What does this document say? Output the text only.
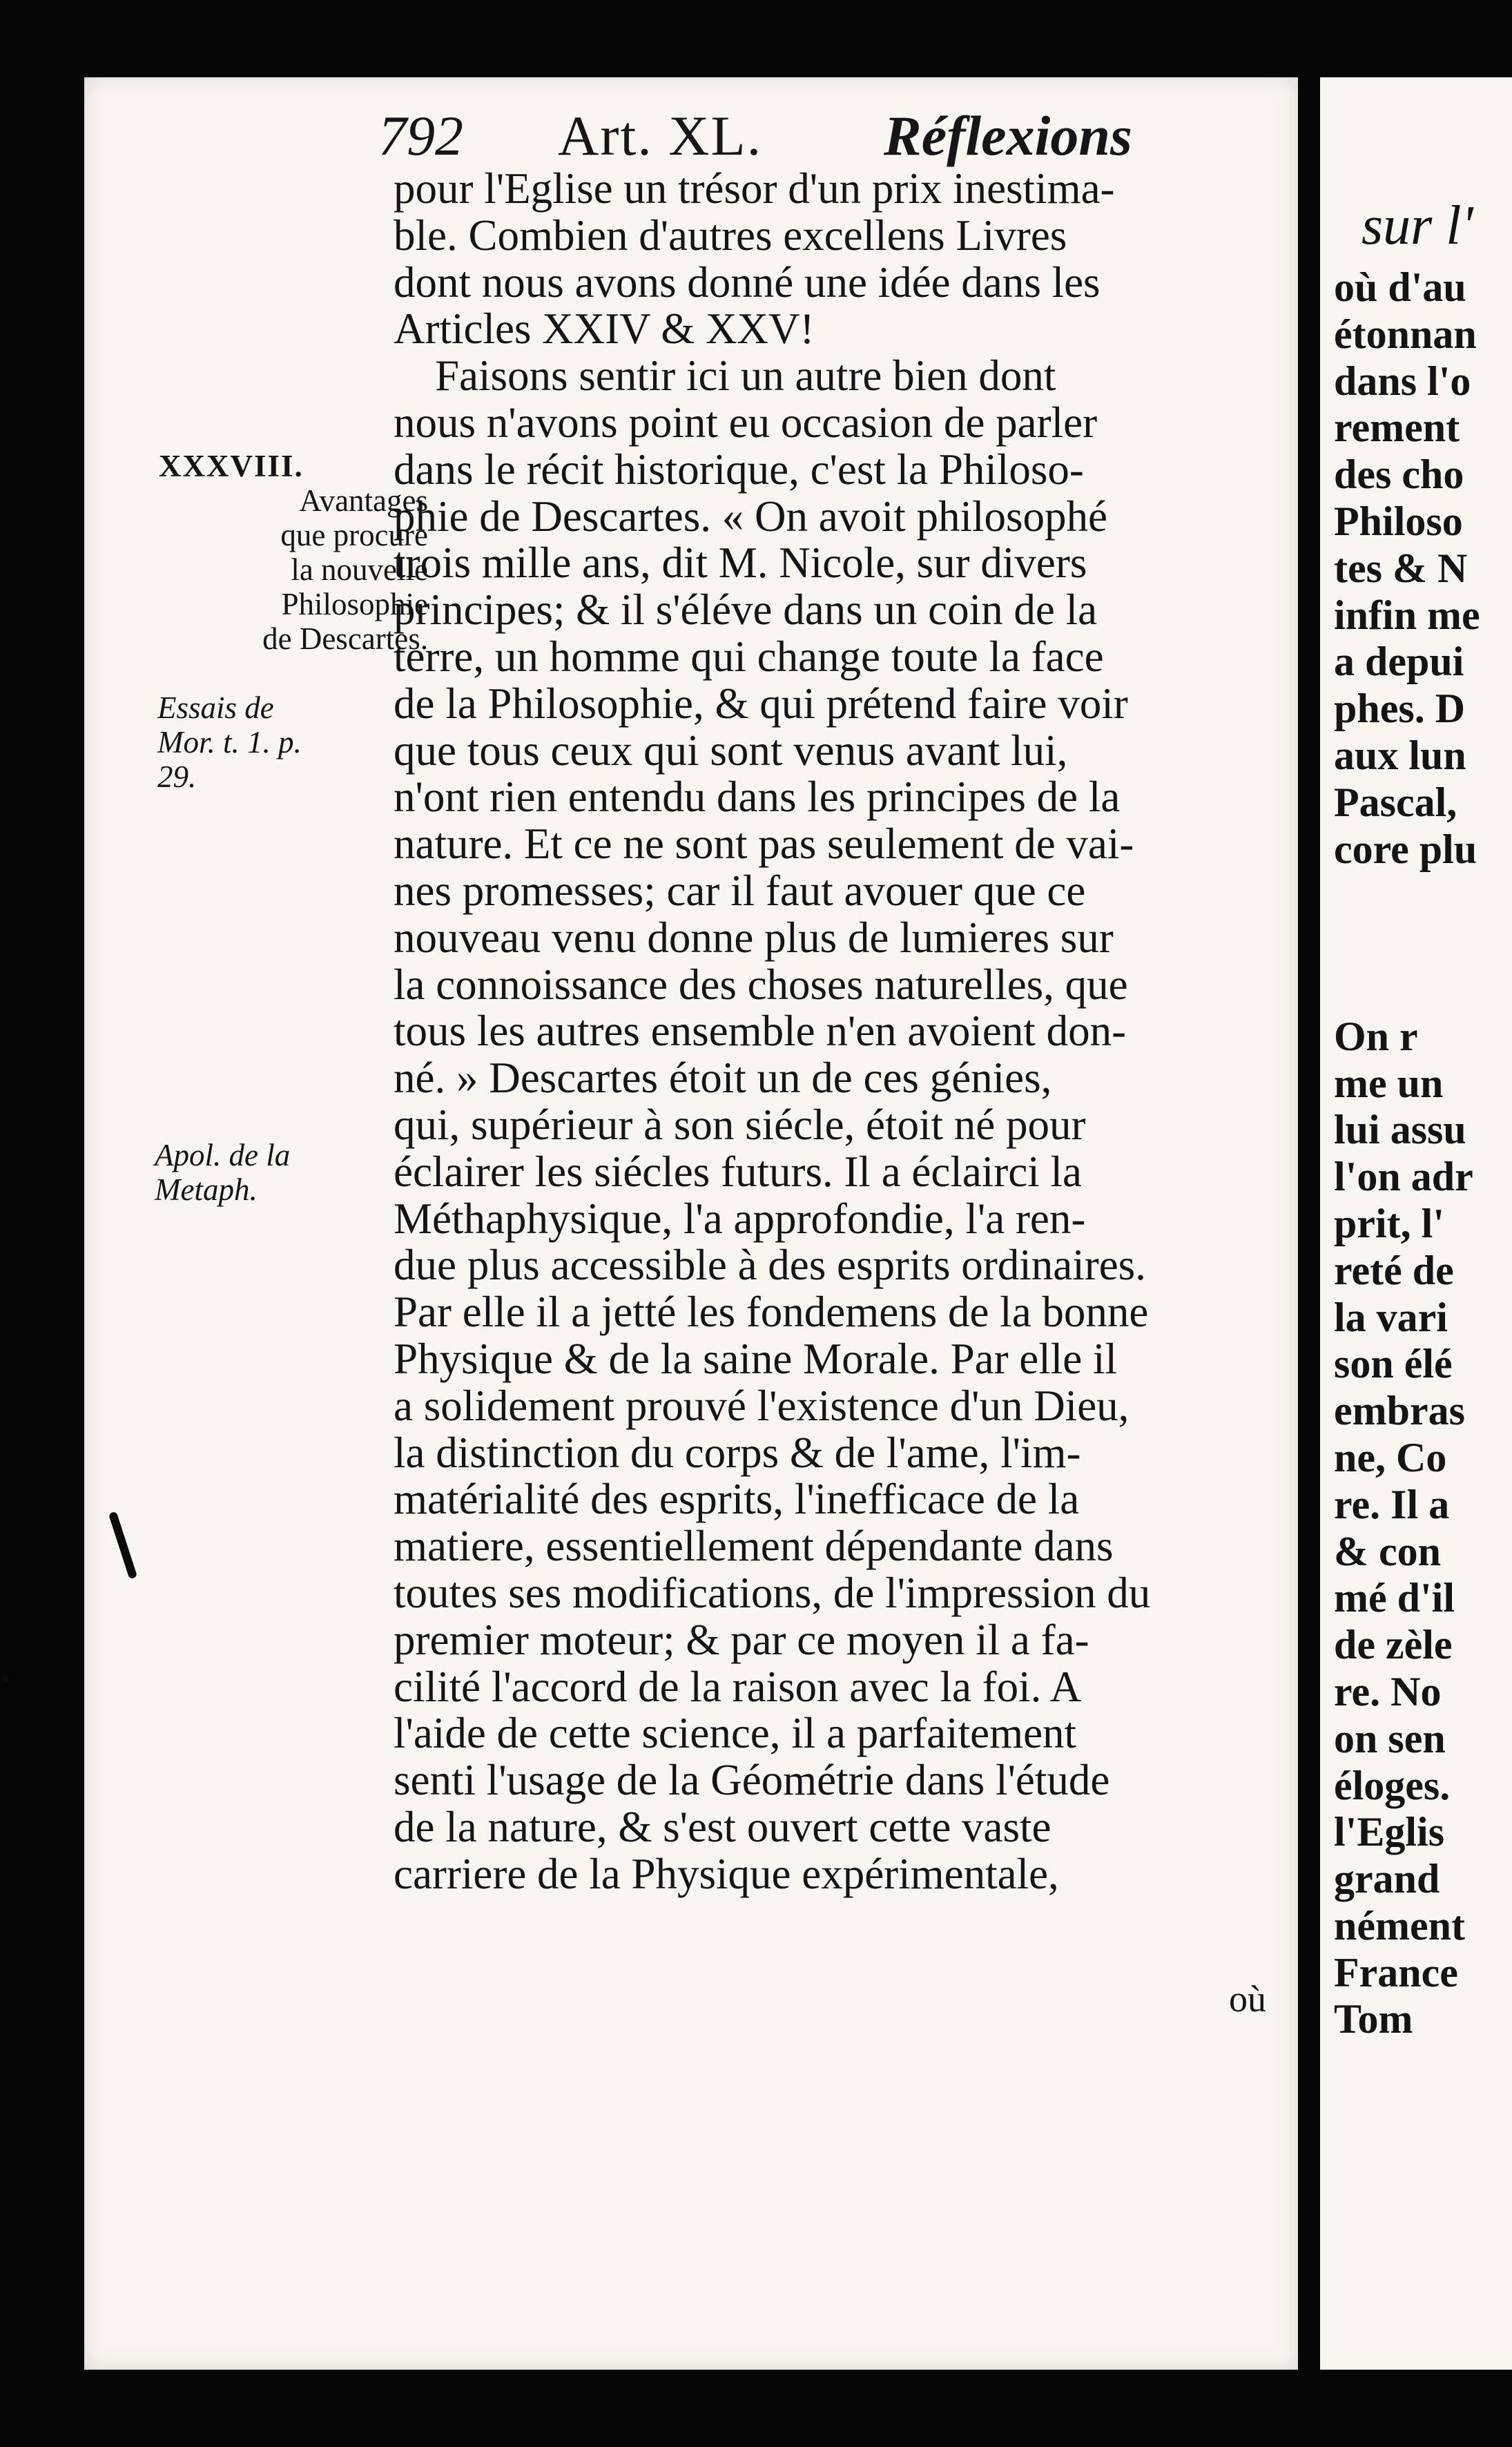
792 Art. XL. Réflexions
pour l'Eglise un trésor d'un prix inestima-
ble. Combien d'autres excellens Livres
dont nous avons donné une idée dans les
Articles XXIV & XXV!
Faisons sentir ici un autre bien dont
nous n'avons point eu occasion de parler
dans le récit historique, c'est la Philoso-
phie de Descartes. « On avoit philosophé
trois mille ans, dit M. Nicole, sur divers
principes; & il s'éléve dans un coin de la
terre, un homme qui change toute la face
de la Philosophie, & qui prétend faire voir
que tous ceux qui sont venus avant lui,
n'ont rien entendu dans les principes de la
nature. Et ce ne sont pas seulement de vai-
nes promesses; car il faut avouer que ce
nouveau venu donne plus de lumieres sur
la connoissance des choses naturelles, que
tous les autres ensemble n'en avoient don-
né. » Descartes étoit un de ces génies,
qui, supérieur à son siécle, étoit né pour
éclairer les siécles futurs. Il a éclairci la
Méthaphysique, l'a approfondie, l'a ren-
due plus accessible à des esprits ordinaires.
Par elle il a jetté les fondemens de la bonne
Physique & de la saine Morale. Par elle il
a solidement prouvé l'existence d'un Dieu,
la distinction du corps & de l'ame, l'im-
matérialité des esprits, l'inefficace de la
matiere, essentiellement dépendante dans
toutes ses modifications, de l'impression du
premier moteur; & par ce moyen il a fa-
cilité l'accord de la raison avec la foi. A
l'aide de cette science, il a parfaitement
senti l'usage de la Géométrie dans l'étude
de la nature, & s'est ouvert cette vaste
carriere de la Physique expérimentale,
XXXVIII.
Avantages
que procure
la nouvelle
Philosophie
de Descartes.
Essais de
Mor. t. 1. p.
29.
Apol. de la
Metaph.
où
sur l'
où d'au
étonnan
dans l'o
rement
des cho
Philoso
tes & N
infin me
a depui
phes. D
aux lun
Pascal,
core plu
On r
me un
lui assu
l'on adr
prit, l'
reté de
la vari
son élé
embras
ne, Co
re. Il a
& con
mé d'il
de zèle
re. No
on sen
éloges.
l'Eglis
grand
nément
France
Tom
